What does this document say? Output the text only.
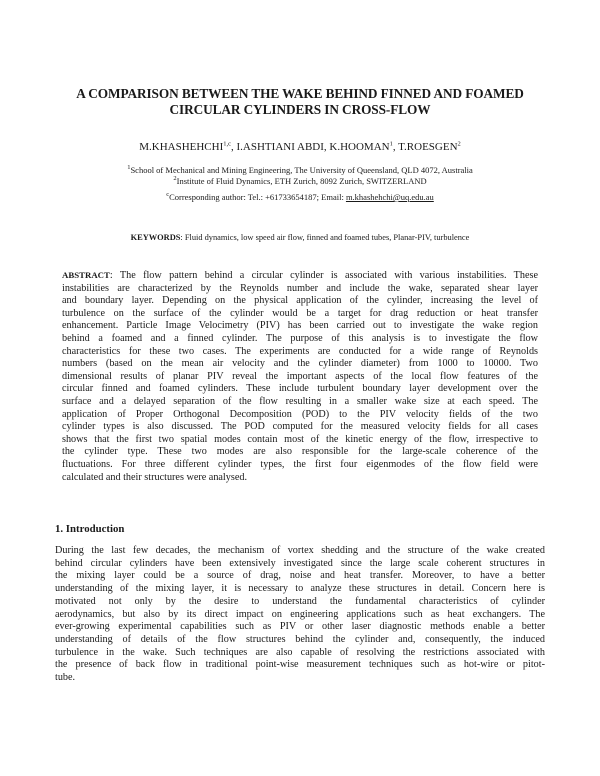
A COMPARISON BETWEEN THE WAKE BEHIND FINNED AND FOAMED
CIRCULAR CYLINDERS IN CROSS-FLOW
M.KHASHEHCHI$^{1,c}$, I.ASHTIANI ABDI, K.HOOMAN$^1$, T.ROESGEN$^2$
$^1$School of Mechanical and Mining Engineering, The University of Queensland, QLD 4072, Australia
$^2$Institute of Fluid Dynamics, ETH Zurich, 8092 Zurich, SWITZERLAND
$^c$Corresponding author: Tel.: +61733654187; Email: m.khashehchi@uq.edu.au
KEYWORDS: Fluid dynamics, low speed air flow, finned and foamed tubes, Planar-PIV, turbulence
ABSTRACT: The flow pattern behind a circular cylinder is associated with various instabilities. These
instabilities are characterized by the Reynolds number and include the wake, separated shear layer
and boundary layer. Depending on the physical application of the cylinder, increasing the level of
turbulence on the surface of the cylinder would be a target for drag reduction or heat transfer
enhancement. Particle Image Velocimetry (PIV) has been carried out to investigate the wake region
behind a foamed and a finned cylinder. The purpose of this analysis is to investigate the flow
characteristics for these two cases. The experiments are conducted for a wide range of Reynolds
numbers (based on the mean air velocity and the cylinder diameter) from 1000 to 10000. Two
dimensional results of planar PIV reveal the important aspects of the local flow features of the
circular finned and foamed cylinders. These include turbulent boundary layer development over the
surface and a delayed separation of the flow resulting in a smaller wake size at each speed. The
application of Proper Orthogonal Decomposition (POD) to the PIV velocity fields of the two
cylinder types is also discussed. The POD computed for the measured velocity fields for all cases
shows that the first two spatial modes contain most of the kinetic energy of the flow, irrespective to
the cylinder type. These two modes are also responsible for the large-scale coherence of the
fluctuations. For three different cylinder types, the first four eigenmodes of the flow field were
calculated and their structures were analysed.
1. Introduction
During the last few decades, the mechanism of vortex shedding and the structure of the wake created
behind circular cylinders have been extensively investigated since the large scale coherent structures in
the mixing layer could be a source of drag, noise and heat transfer. Moreover, to have a better
understanding of the mixing layer, it is necessary to analyze these structures in detail. Concern here is
motivated not only by the desire to understand the fundamental characteristics of cylinder
aerodynamics, but also by its direct impact on engineering applications such as heat exchangers. The
ever-growing experimental capabilities such as PIV or other laser diagnostic methods enable a better
understanding of details of the flow structures behind the cylinder and, consequently, the induced
turbulence in the wake. Such techniques are also capable of resolving the restrictions associated with
the presence of back flow in traditional point-wise measurement techniques such as hot-wire or pitot-
tube.
